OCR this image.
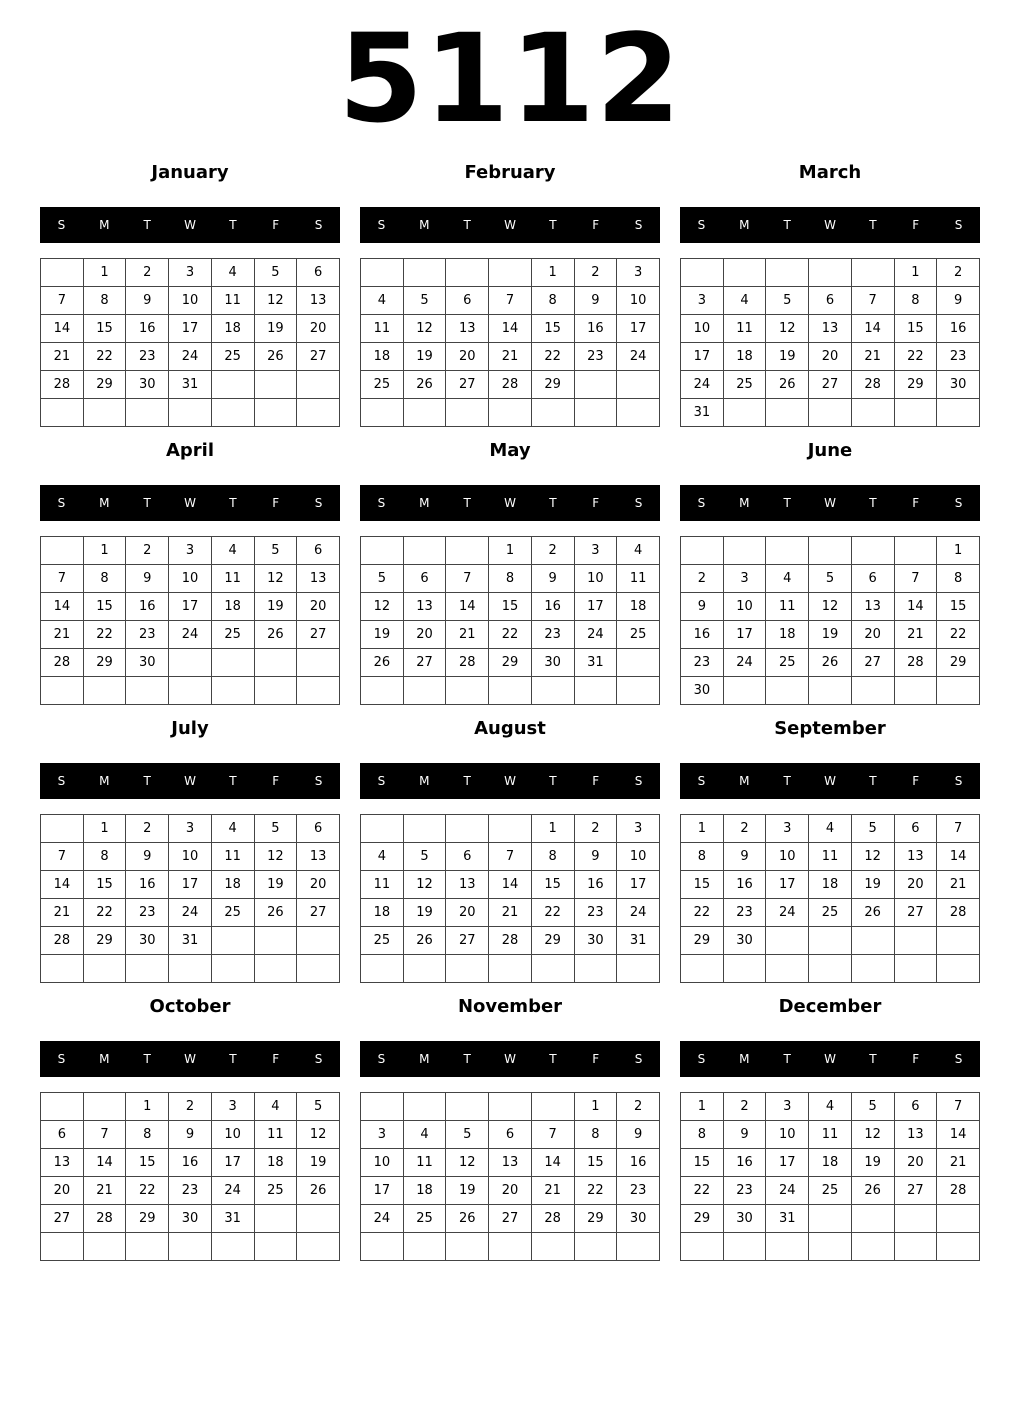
5112
January
S	M	T	W	T	F	S
	1	2	3	4	5	6
7	8	9	10	11	12	13
14	15	16	17	18	19	20
21	22	23	24	25	26	27
28	29	30	31			

February
S	M	T	W	T	F	S
				1	2	3
4	5	6	7	8	9	10
11	12	13	14	15	16	17
18	19	20	21	22	23	24
25	26	27	28	29		

March
S	M	T	W	T	F	S
					1	2
3	4	5	6	7	8	9
10	11	12	13	14	15	16
17	18	19	20	21	22	23
24	25	26	27	28	29	30
31						
April
S	M	T	W	T	F	S
	1	2	3	4	5	6
7	8	9	10	11	12	13
14	15	16	17	18	19	20
21	22	23	24	25	26	27
28	29	30				

May
S	M	T	W	T	F	S
			1	2	3	4
5	6	7	8	9	10	11
12	13	14	15	16	17	18
19	20	21	22	23	24	25
26	27	28	29	30	31	

June
S	M	T	W	T	F	S
						1
2	3	4	5	6	7	8
9	10	11	12	13	14	15
16	17	18	19	20	21	22
23	24	25	26	27	28	29
30						
July
S	M	T	W	T	F	S
	1	2	3	4	5	6
7	8	9	10	11	12	13
14	15	16	17	18	19	20
21	22	23	24	25	26	27
28	29	30	31			

August
S	M	T	W	T	F	S
				1	2	3
4	5	6	7	8	9	10
11	12	13	14	15	16	17
18	19	20	21	22	23	24
25	26	27	28	29	30	31

September
S	M	T	W	T	F	S
1	2	3	4	5	6	7
8	9	10	11	12	13	14
15	16	17	18	19	20	21
22	23	24	25	26	27	28
29	30					

October
S	M	T	W	T	F	S
		1	2	3	4	5
6	7	8	9	10	11	12
13	14	15	16	17	18	19
20	21	22	23	24	25	26
27	28	29	30	31		

November
S	M	T	W	T	F	S
					1	2
3	4	5	6	7	8	9
10	11	12	13	14	15	16
17	18	19	20	21	22	23
24	25	26	27	28	29	30

December
S	M	T	W	T	F	S
1	2	3	4	5	6	7
8	9	10	11	12	13	14
15	16	17	18	19	20	21
22	23	24	25	26	27	28
29	30	31				
